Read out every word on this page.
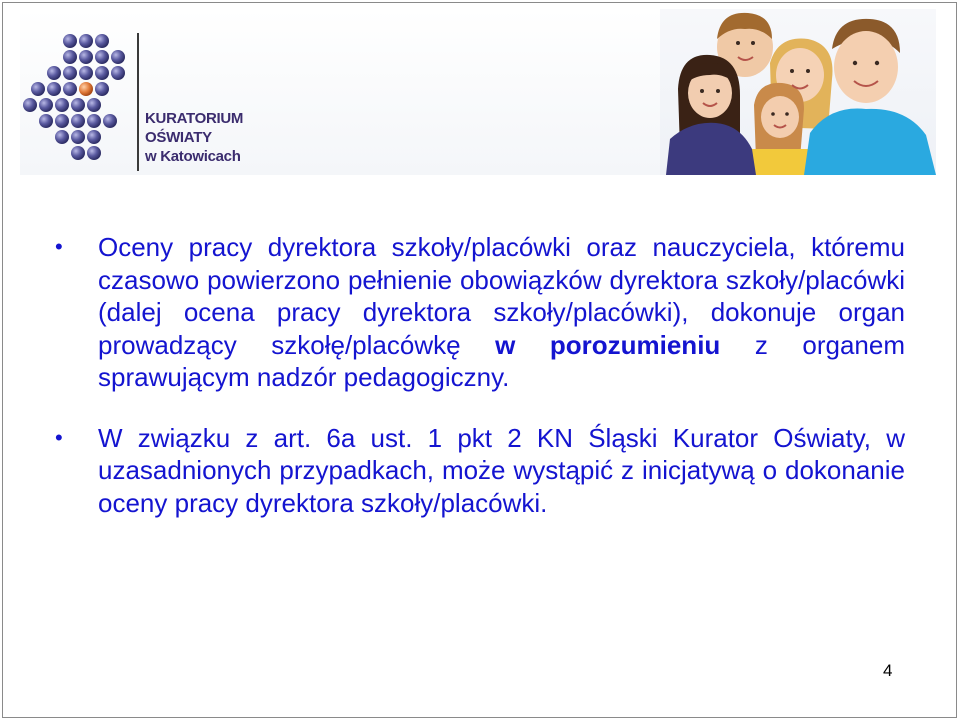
KURATORIUM
OŚWIATY
w Katowicach
• Oceny pracy dyrektora szkoły/placówki oraz nauczyciela, któremu czasowo powierzono pełnienie obowiązków dyrektora szkoły/placówki (dalej ocena pracy dyrektora szkoły/placówki), dokonuje organ prowadzący szkołę/placówkę w porozumieniu z organem sprawującym nadzór pedagogiczny.
• W związku z art. 6a ust. 1 pkt 2 KN Śląski Kurator Oświaty, w uzasadnionych przypadkach, może wystąpić z inicjatywą o dokonanie oceny pracy dyrektora szkoły/placówki.
4
